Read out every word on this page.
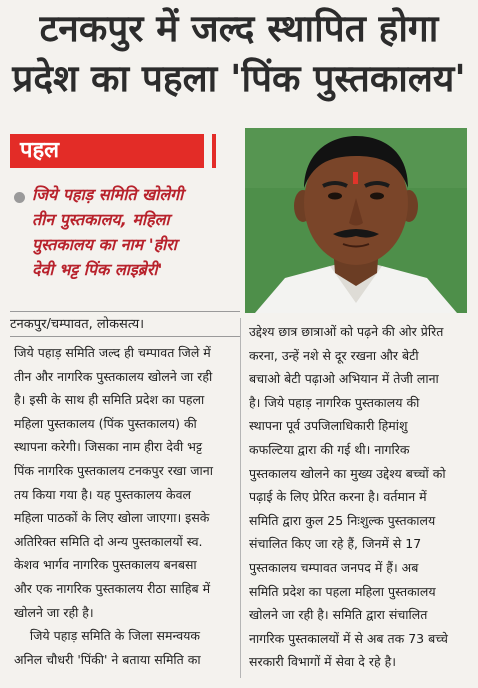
टनकपुर में जल्द स्थापित होगा
प्रदेश का पहला 'पिंक पुस्तकालय'
पहल
जिये पहाड़ समिति खोलेगी
तीन पुस्तकालय, महिला
पुस्तकालय का नाम 'हीरा
देवी भट्ट पिंक लाइब्रेरी'
टनकपुर/चम्पावत, लोकसत्य।
जिये पहाड़ समिति जल्द ही चम्पावत जिले में
तीन और नागरिक पुस्तकालय खोलने जा रही
है। इसी के साथ ही समिति प्रदेश का पहला
महिला पुस्तकालय (पिंक पुस्तकालय) की
स्थापना करेगी। जिसका नाम हीरा देवी भट्ट
पिंक नागरिक पुस्तकालय टनकपुर रखा जाना
तय किया गया है। यह पुस्तकालय केवल
महिला पाठकों के लिए खोला जाएगा। इसके
अतिरिक्त समिति दो अन्य पुस्तकालयों स्व.
केशव भार्गव नागरिक पुस्तकालय बनबसा
और एक नागरिक पुस्तकालय रीठा साहिब में
खोलने जा रही है।
जिये पहाड़ समिति के जिला समन्वयक
अनिल चौधरी 'पिंकी' ने बताया समिति का
उद्देश्य छात्र छात्राओं को पढ़ने की ओर प्रेरित
करना, उन्हें नशे से दूर रखना और बेटी
बचाओ बेटी पढ़ाओ अभियान में तेजी लाना
है। जिये पहाड़ नागरिक पुस्तकालय की
स्थापना पूर्व उपजिलाधिकारी हिमांशु
कफल्टिया द्वारा की गई थी। नागरिक
पुस्तकालय खोलने का मुख्य उद्देश्य बच्चों को
पढ़ाई के लिए प्रेरित करना है। वर्तमान में
समिति द्वारा कुल 25 निःशुल्क पुस्तकालय
संचालित किए जा रहे हैं, जिनमें से 17
पुस्तकालय चम्पावत जनपद में हैं। अब
समिति प्रदेश का पहला महिला पुस्तकालय
खोलने जा रही है। समिति द्वारा संचालित
नागरिक पुस्तकालयों में से अब तक 73 बच्चे
सरकारी विभागों में सेवा दे रहे है।
